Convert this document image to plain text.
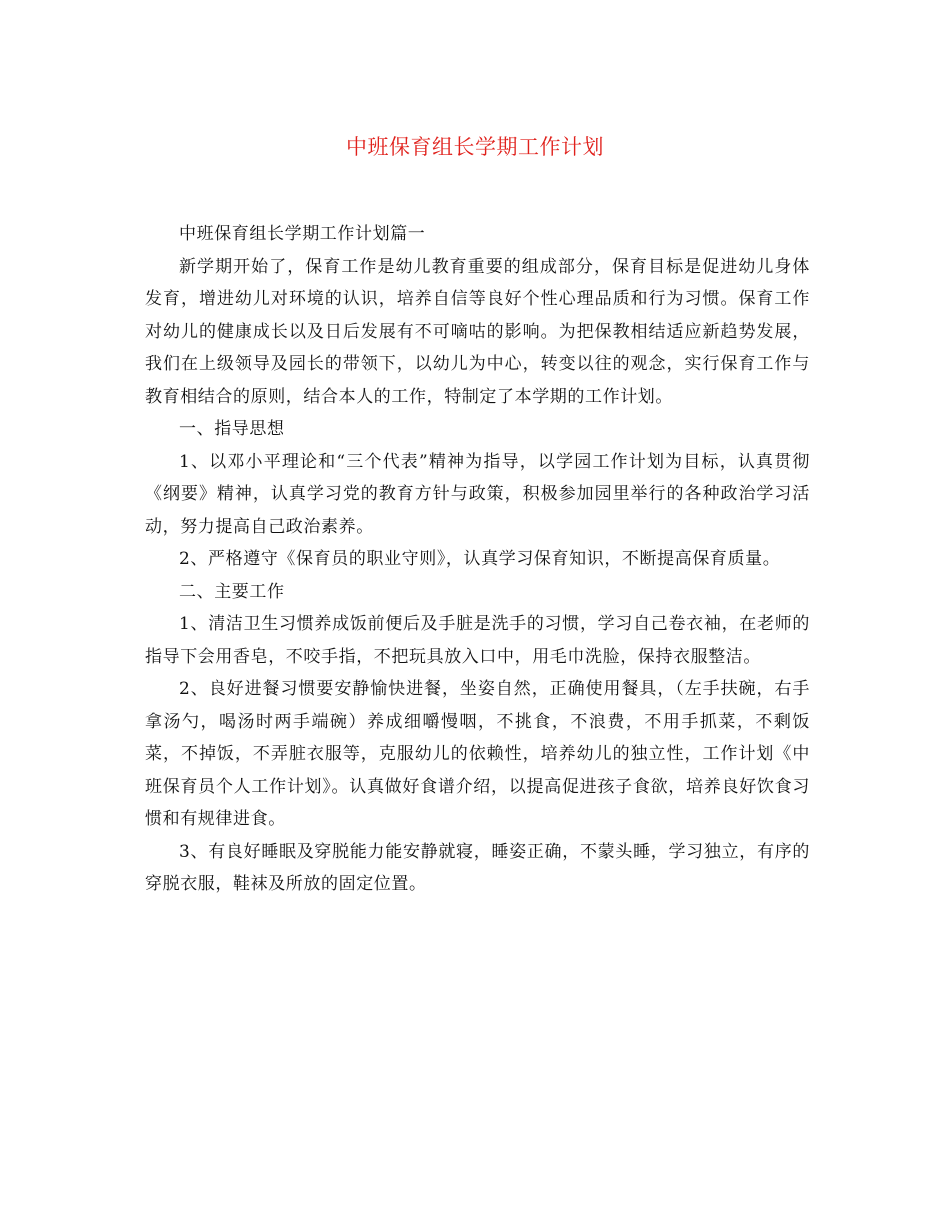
中班保育组长学期工作计划

中班保育组长学期工作计划篇一

新学期开始了，保育工作是幼儿教育重要的组成部分，保育目标是促进幼儿身体发育，增进幼儿对环境的认识，培养自信等良好个性心理品质和行为习惯。保育工作对幼儿的健康成长以及日后发展有不可嘀咕的影响。为把保教相结适应新趋势发展，我们在上级领导及园长的带领下，以幼儿为中心，转变以往的观念，实行保育工作与教育相结合的原则，结合本人的工作，特制定了本学期的工作计划。

一、指导思想

1、以邓小平理论和“三个代表”精神为指导，以学园工作计划为目标，认真贯彻《纲要》精神，认真学习党的教育方针与政策，积极参加园里举行的各种政治学习活动，努力提高自己政治素养。

2、严格遵守《保育员的职业守则》，认真学习保育知识，不断提高保育质量。

二、主要工作

1、清洁卫生习惯养成饭前便后及手脏是洗手的习惯，学习自己卷衣袖，在老师的指导下会用香皂，不咬手指，不把玩具放入口中，用毛巾洗脸，保持衣服整洁。

2、良好进餐习惯要安静愉快进餐，坐姿自然，正确使用餐具，（左手扶碗，右手拿汤勺，喝汤时两手端碗）养成细嚼慢咽，不挑食，不浪费，不用手抓菜，不剩饭菜，不掉饭，不弄脏衣服等，克服幼儿的依赖性，培养幼儿的独立性，工作计划《中班保育员个人工作计划》。认真做好食谱介绍，以提高促进孩子食欲，培养良好饮食习惯和有规律进食。

3、有良好睡眠及穿脱能力能安静就寝，睡姿正确，不蒙头睡，学习独立，有序的穿脱衣服，鞋袜及所放的固定位置。
